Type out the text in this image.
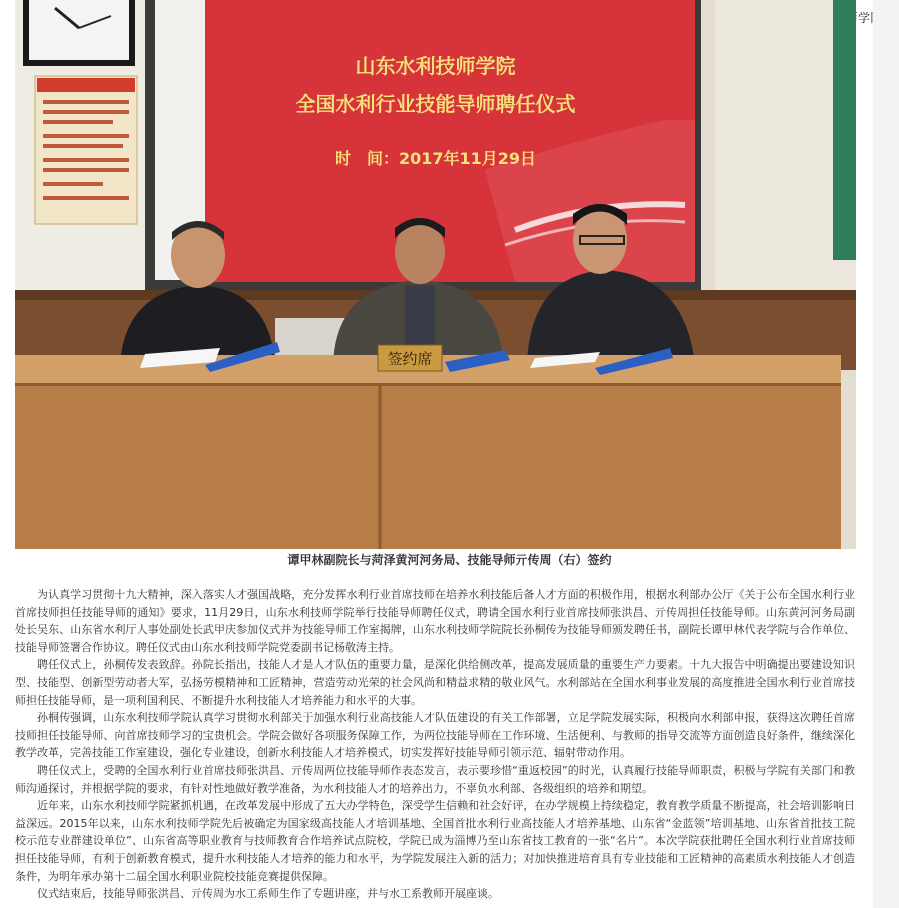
签约席
山东水利技师学院
全国水利行业技能导师聘任仪式
时　间：2017年11月29日
谭甲林副院长与菏泽黄河河务局、技能导师亓传周（右）签约

为认真学习贯彻十九大精神，深入落实人才强国战略，充分发挥水利行业首席技师在培养水利技能后备人才方面的积极作用，根据水利部办公厅《关于公布全国水利行业首席技师担任技能导师的通知》要求，11月29日，山东水利技师学院举行技能导师聘任仪式，聘请全国水利行业首席技师张洪昌、亓传周担任技能导师。山东黄河河务局副处长吴东、山东省水利厅人事处副处长武甲庆参加仪式并为技能导师工作室揭牌，山东水利技师学院院长孙桐传为技能导师颁发聘任书，副院长谭甲林代表学院与合作单位、技能导师签署合作协议。聘任仪式由山东水利技师学院党委副书记杨敬涛主持。

聘任仪式上，孙桐传发表致辞。孙院长指出，技能人才是人才队伍的重要力量，是深化供给侧改革，提高发展质量的重要生产力要素。十九大报告中明确提出要建设知识型、技能型、创新型劳动者大军，弘扬劳模精神和工匠精神，营造劳动光荣的社会风尚和精益求精的敬业风气。水利部站在全国水利事业发展的高度推进全国水利行业首席技师担任技能导师，是一项利国利民、不断提升水利技能人才培养能力和水平的大事。

孙桐传强调，山东水利技师学院认真学习贯彻水利部关于加强水利行业高技能人才队伍建设的有关工作部署，立足学院发展实际，积极向水利部申报，获得这次聘任首席技师担任技能导师、向首席技师学习的宝贵机会。学院会做好各项服务保障工作，为两位技能导师在工作环境、生活便利、与教师的指导交流等方面创造良好条件，继续深化教学改革，完善技能工作室建设，强化专业建设，创新水利技能人才培养模式，切实发挥好技能导师引领示范、辐射带动作用。

聘任仪式上，受聘的全国水利行业首席技师张洪昌、亓传周两位技能导师作表态发言，表示要珍惜“重返校园”的时光，认真履行技能导师职责，积极与学院有关部门和教师沟通探讨，并根据学院的要求，有针对性地做好教学准备，为水利技能人才的培养出力，不辜负水利部、各级组织的培养和期望。

近年来，山东水利技师学院紧抓机遇，在改革发展中形成了五大办学特色，深受学生信赖和社会好评，在办学规模上持续稳定，教育教学质量不断提高，社会培训影响日益深远。2015年以来，山东水利技师学院先后被确定为国家级高技能人才培训基地、全国首批水利行业高技能人才培养基地、山东省“金蓝领”培训基地、山东省首批技工院校示范专业群建设单位”、山东省高等职业教育与技师教育合作培养试点院校，学院已成为淄博乃至山东省技工教育的一张“名片”。本次学院获批聘任全国水利行业首席技师担任技能导师，有利于创新教育模式，提升水利技能人才培养的能力和水平，为学院发展注入新的活力；对加快推进培育具有专业技能和工匠精神的高素质水利技能人才创造条件，为明年承办第十二届全国水利职业院校技能竞赛提供保障。

仪式结束后，技能导师张洪昌、亓传周为水工系师生作了专题讲座，并与水工系教师开展座谈。
